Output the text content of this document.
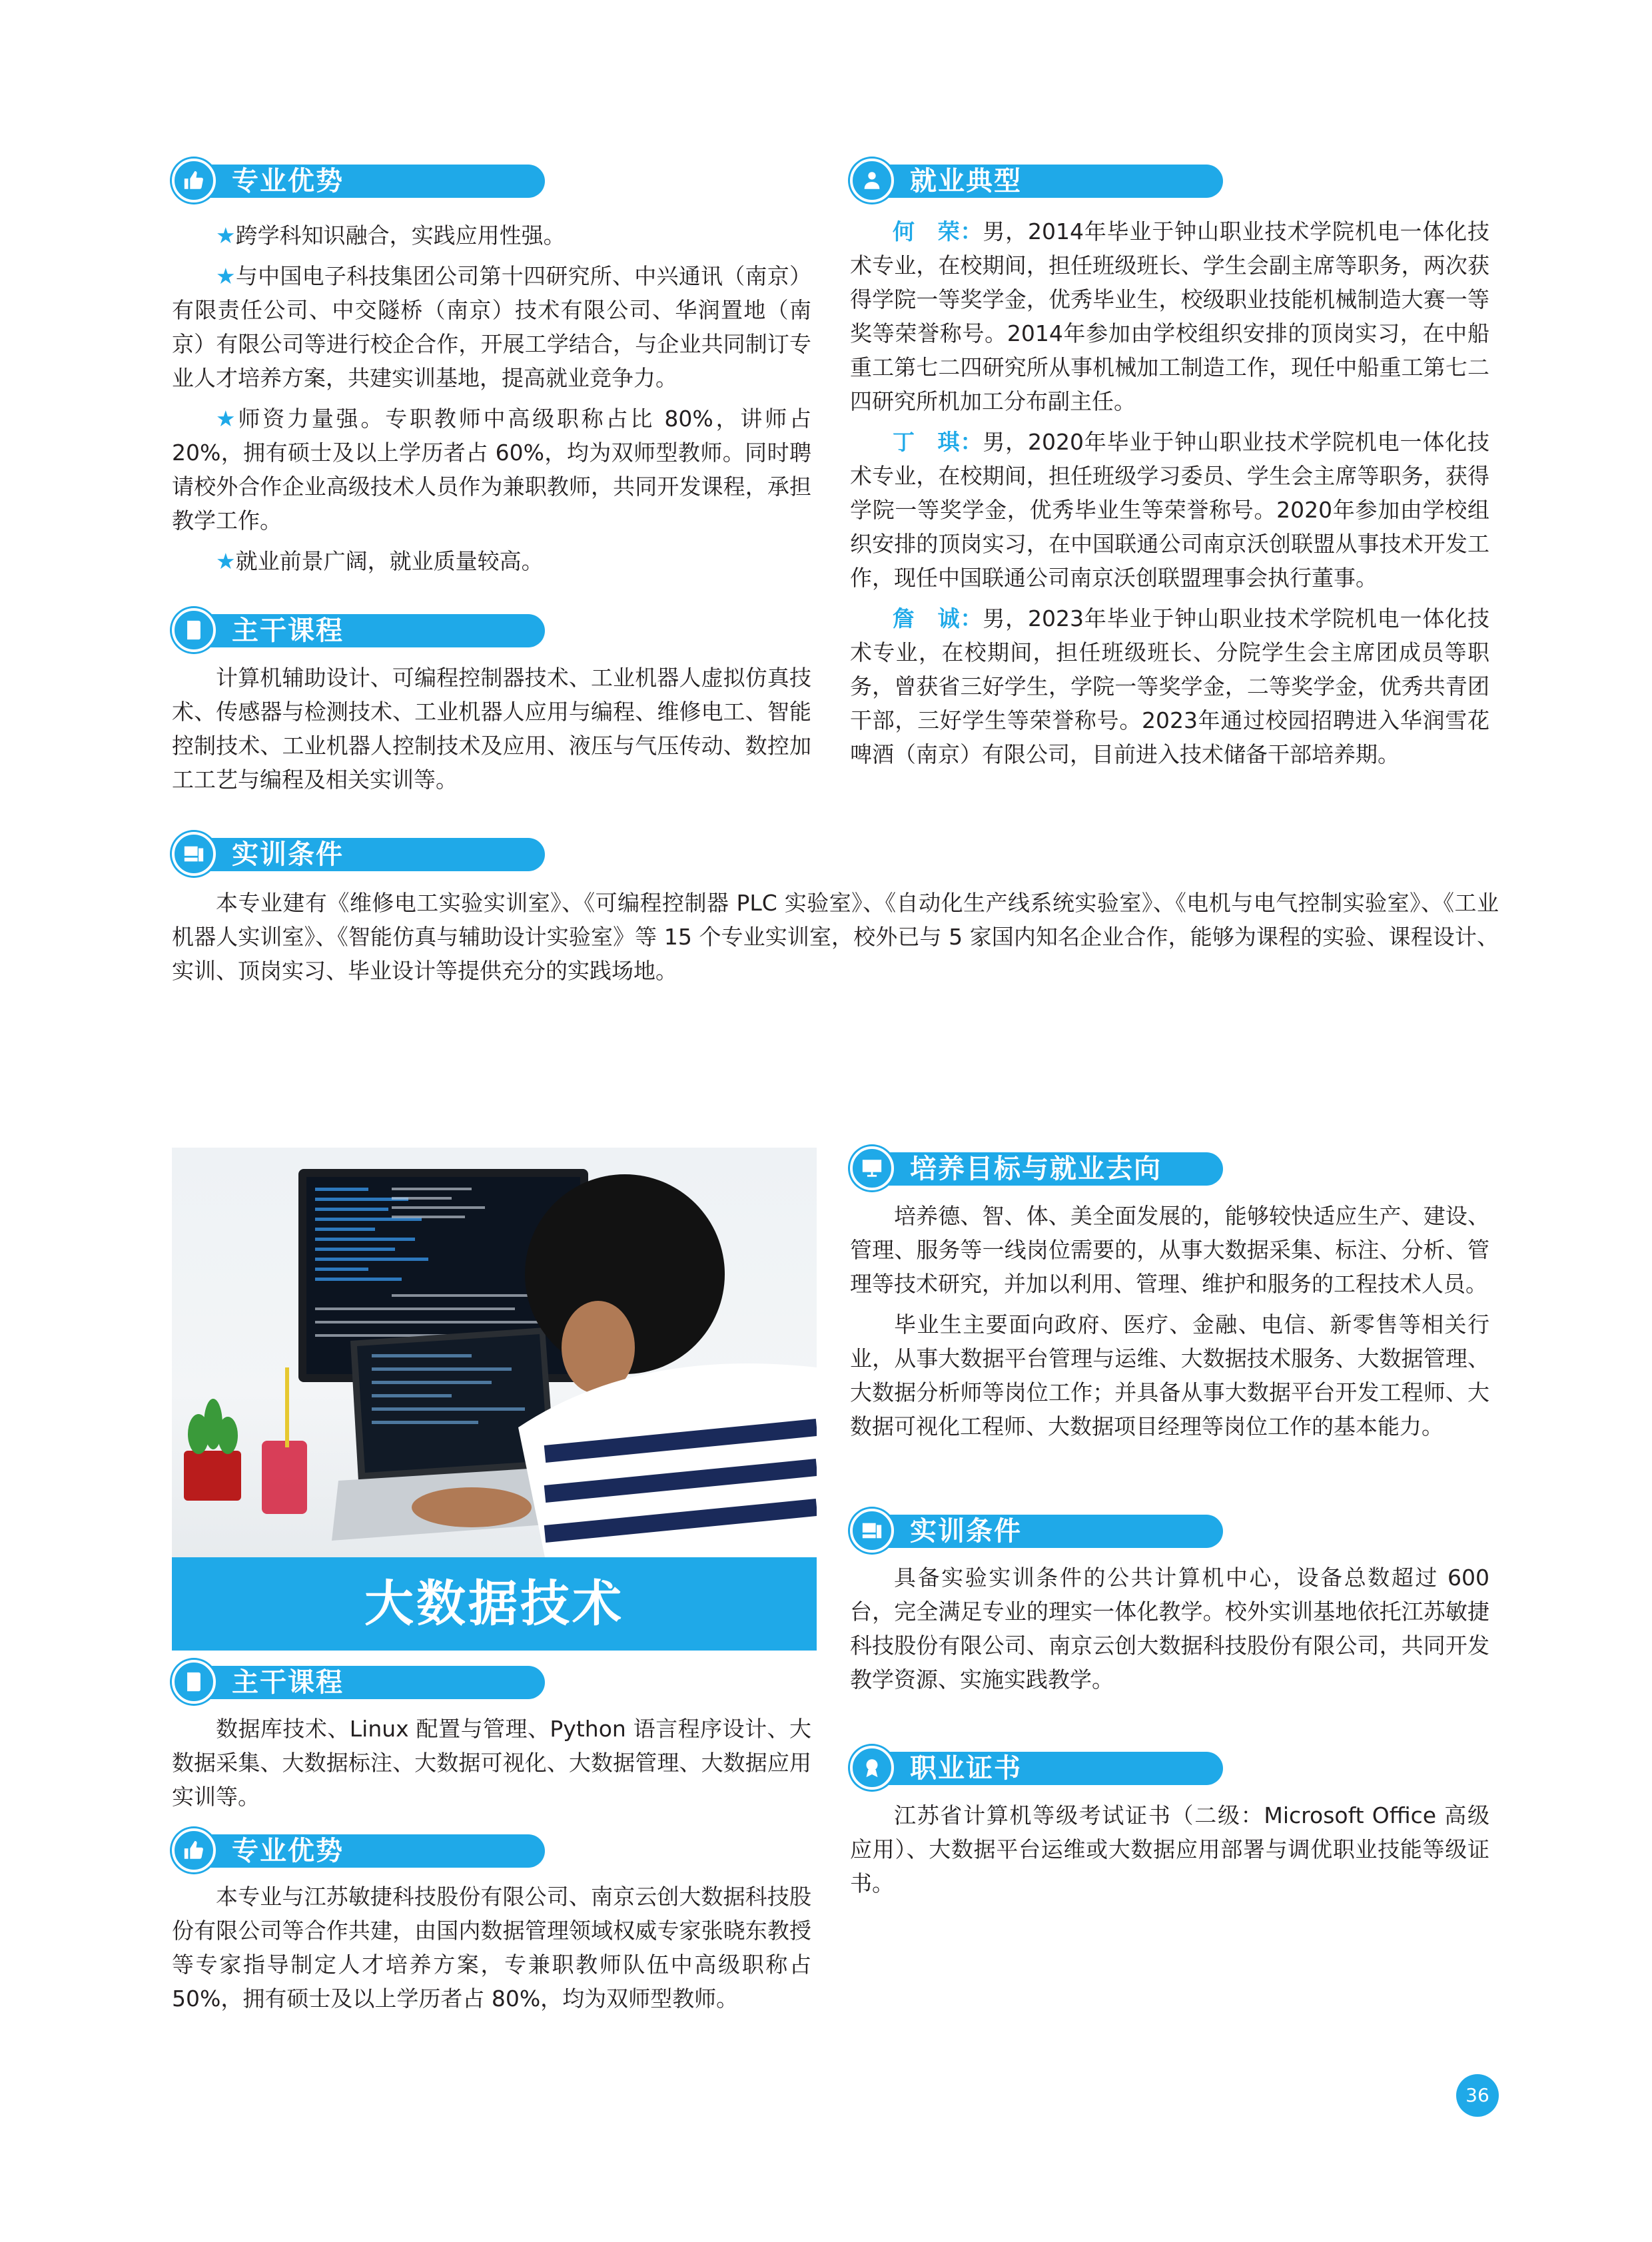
专业优势

★跨学科知识融合，实践应用性强。

★与中国电子科技集团公司第十四研究所、中兴通讯（南京）有限责任公司、中交隧桥（南京）技术有限公司、华润置地（南京）有限公司等进行校企合作，开展工学结合，与企业共同制订专业人才培养方案，共建实训基地，提高就业竞争力。

★师资力量强。专职教师中高级职称占比 80%，讲师占 20%，拥有硕士及以上学历者占 60%，均为双师型教师。同时聘请校外合作企业高级技术人员作为兼职教师，共同开发课程，承担教学工作。

★就业前景广阔，就业质量较高。

主干课程
计算机辅助设计、可编程控制器技术、工业机器人虚拟仿真技术、传感器与检测技术、工业机器人应用与编程、维修电工、智能控制技术、工业机器人控制技术及应用、液压与气压传动、数控加工工艺与编程及相关实训等。
就业典型

何　荣：男，2014年毕业于钟山职业技术学院机电一体化技术专业，在校期间，担任班级班长、学生会副主席等职务，两次获得学院一等奖学金，优秀毕业生，校级职业技能机械制造大赛一等奖等荣誉称号。2014年参加由学校组织安排的顶岗实习，在中船重工第七二四研究所从事机械加工制造工作，现任中船重工第七二四研究所机加工分布副主任。

丁　琪：男，2020年毕业于钟山职业技术学院机电一体化技术专业，在校期间，担任班级学习委员、学生会主席等职务，获得学院一等奖学金，优秀毕业生等荣誉称号。2020年参加由学校组织安排的顶岗实习，在中国联通公司南京沃创联盟从事技术开发工作，现任中国联通公司南京沃创联盟理事会执行董事。

詹　诚：男，2023年毕业于钟山职业技术学院机电一体化技术专业，在校期间，担任班级班长、分院学生会主席团成员等职务，曾获省三好学生，学院一等奖学金，二等奖学金，优秀共青团干部，三好学生等荣誉称号。2023年通过校园招聘进入华润雪花啤酒（南京）有限公司，目前进入技术储备干部培养期。

实训条件
本专业建有《维修电工实验实训室》、《可编程控制器 PLC 实验室》、《自动化生产线系统实验室》、《电机与电气控制实验室》、《工业机器人实训室》、《智能仿真与辅助设计实验室》等 15 个专业实训室，校外已与 5 家国内知名企业合作，能够为课程的实验、课程设计、实训、顶岗实习、毕业设计等提供充分的实践场地。
大数据技术
主干课程
数据库技术、Linux 配置与管理、Python 语言程序设计、大数据采集、大数据标注、大数据可视化、大数据管理、大数据应用实训等。
专业优势
本专业与江苏敏捷科技股份有限公司、南京云创大数据科技股份有限公司等合作共建，由国内数据管理领域权威专家张晓东教授等专家指导制定人才培养方案，专兼职教师队伍中高级职称占 50%，拥有硕士及以上学历者占 80%，均为双师型教师。
培养目标与就业去向

培养德、智、体、美全面发展的，能够较快适应生产、建设、管理、服务等一线岗位需要的，从事大数据采集、标注、分析、管理等技术研究，并加以利用、管理、维护和服务的工程技术人员。

毕业生主要面向政府、医疗、金融、电信、新零售等相关行业，从事大数据平台管理与运维、大数据技术服务、大数据管理、大数据分析师等岗位工作；并具备从事大数据平台开发工程师、大数据可视化工程师、大数据项目经理等岗位工作的基本能力。

实训条件
具备实验实训条件的公共计算机中心，设备总数超过 600 台，完全满足专业的理实一体化教学。校外实训基地依托江苏敏捷科技股份有限公司、南京云创大数据科技股份有限公司，共同开发教学资源、实施实践教学。
职业证书
江苏省计算机等级考试证书（二级：Microsoft Office 高级应用）、大数据平台运维或大数据应用部署与调优职业技能等级证书。
36
